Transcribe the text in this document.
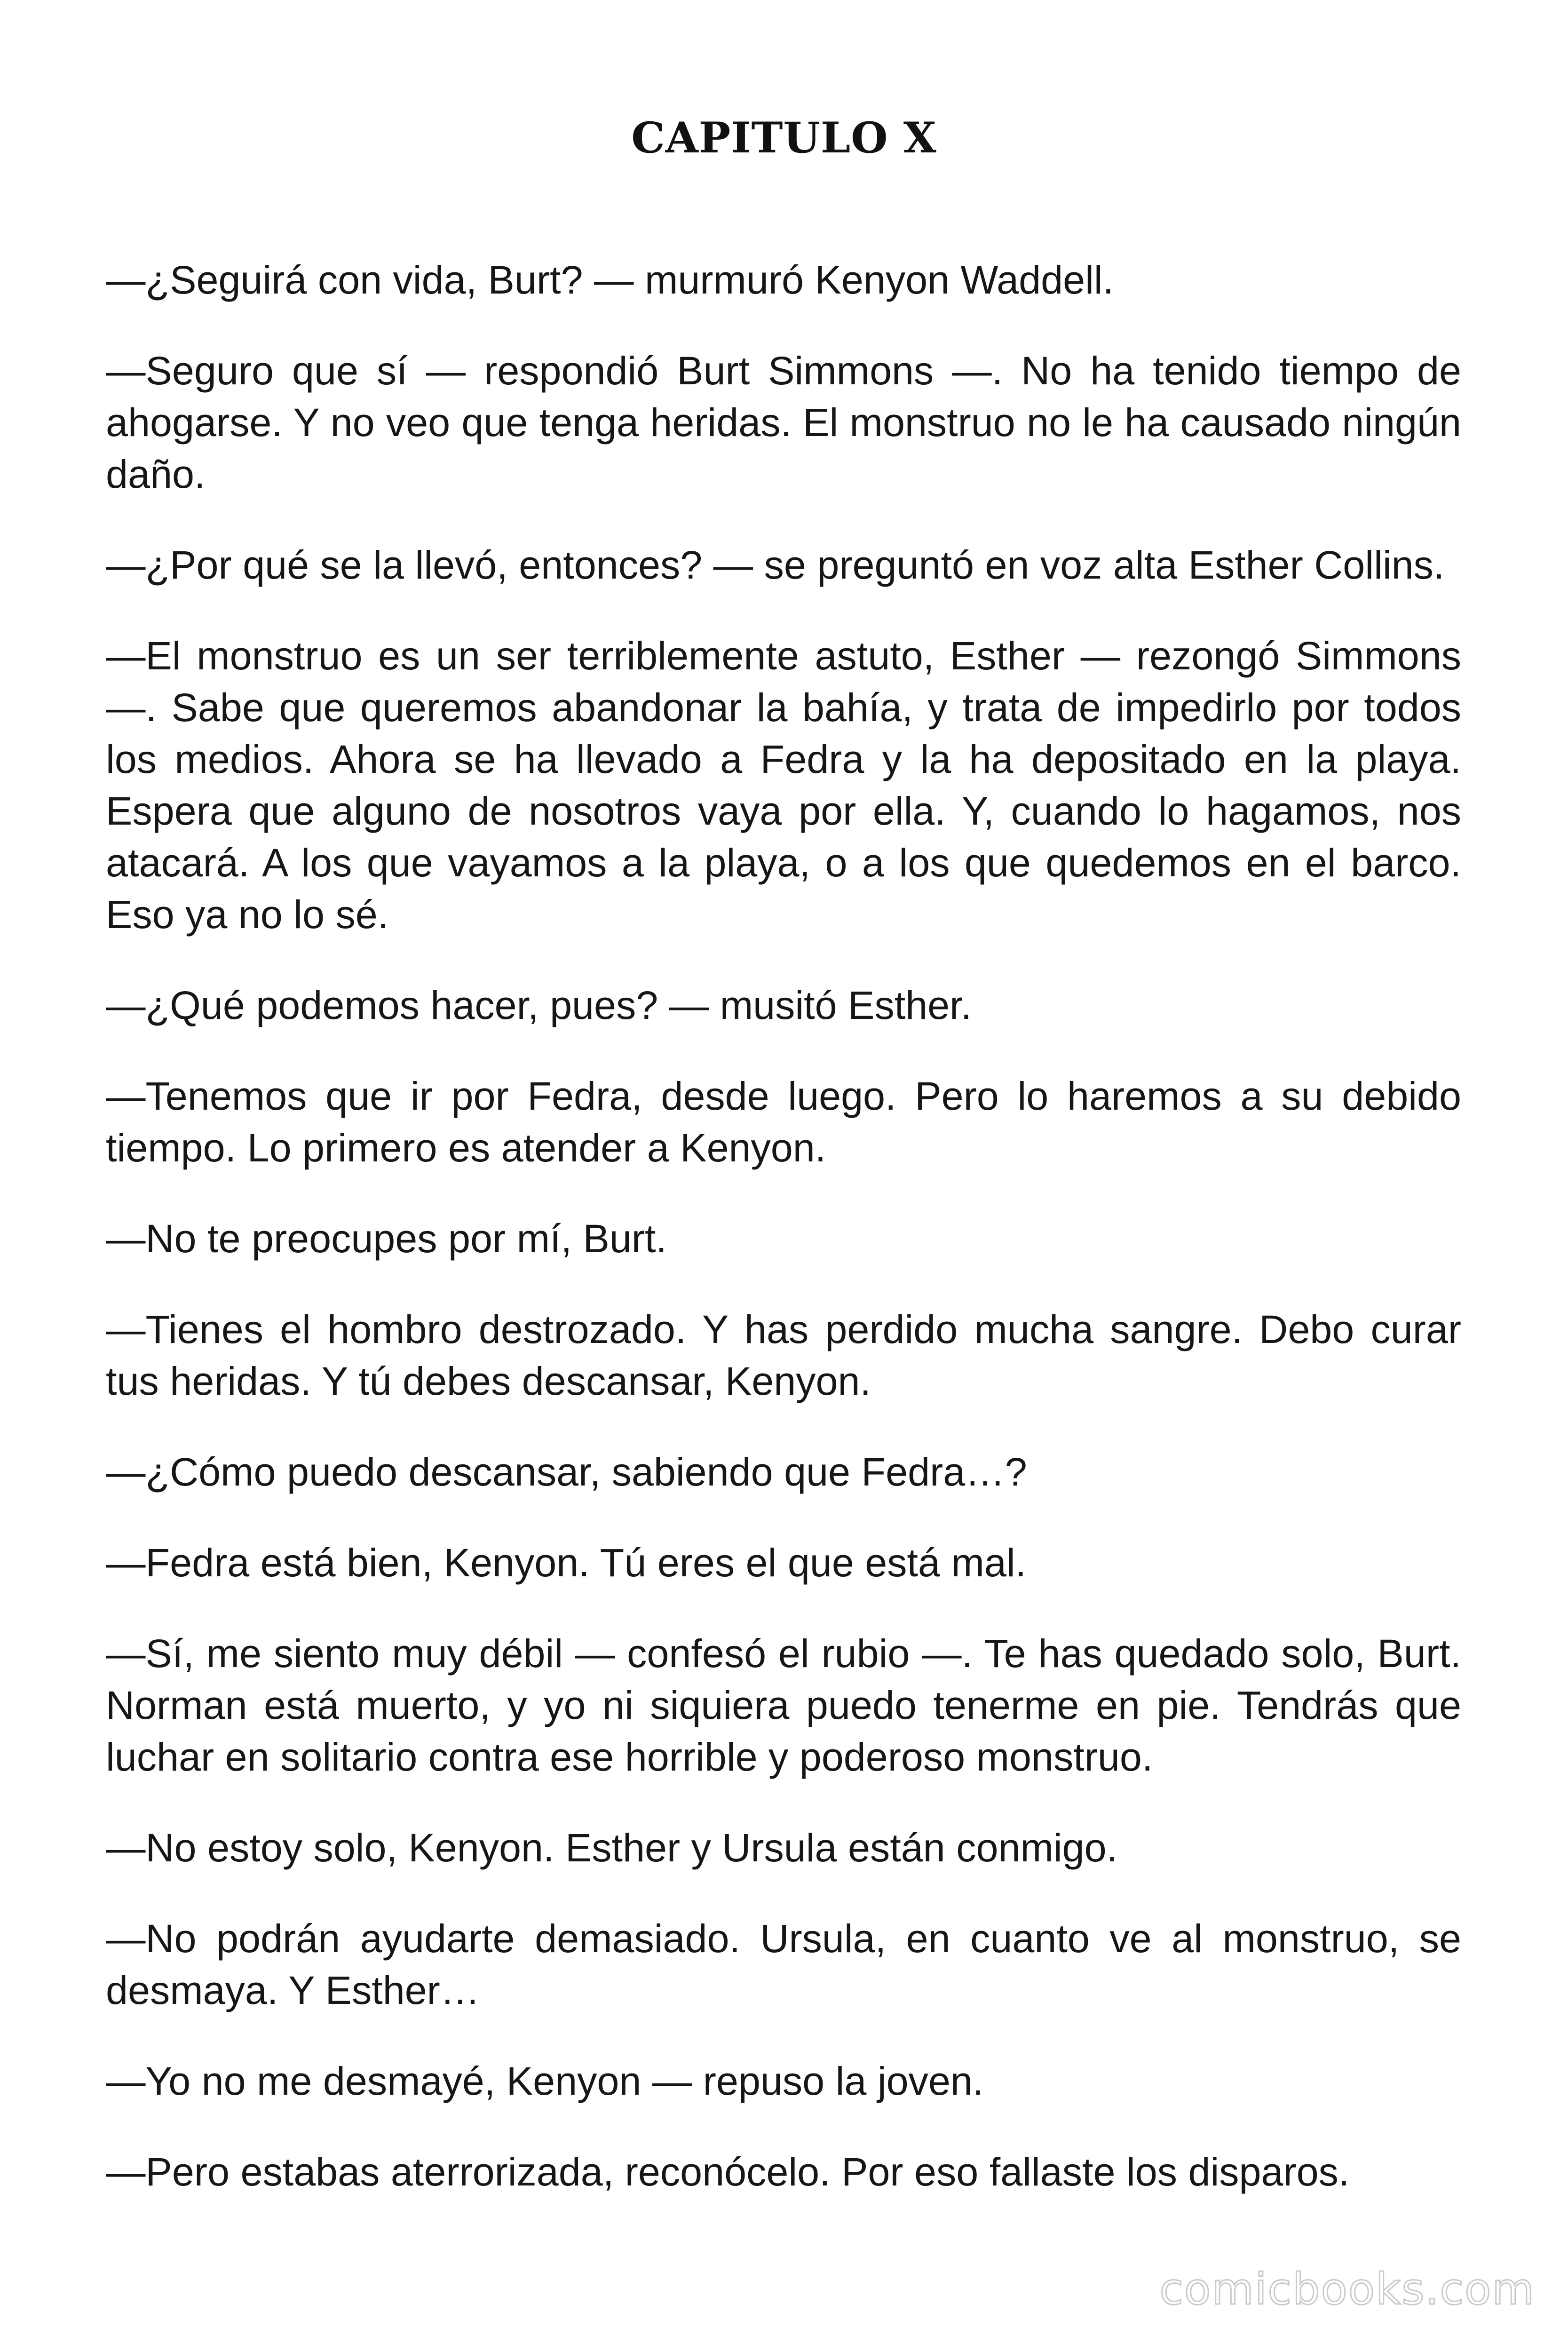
CAPITULO X

—¿Seguirá con vida, Burt? — murmuró Kenyon Waddell.

—Seguro que sí — respondió Burt Simmons —. No ha tenido tiempo de ahogarse. Y no veo que tenga heridas. El monstruo no le ha causado ningún daño.

—¿Por qué se la llevó, entonces? — se preguntó en voz alta Esther Collins.

—El monstruo es un ser terriblemente astuto, Esther — rezongó Simmons —. Sabe que queremos abandonar la bahía, y trata de impedirlo por todos los medios. Ahora se ha llevado a Fedra y la ha depositado en la playa. Espera que alguno de nosotros vaya por ella. Y, cuando lo hagamos, nos atacará. A los que vayamos a la playa, o a los que quedemos en el barco. Eso ya no lo sé.

—¿Qué podemos hacer, pues? — musitó Esther.

—Tenemos que ir por Fedra, desde luego. Pero lo haremos a su debido tiempo. Lo primero es atender a Kenyon.

—No te preocupes por mí, Burt.

—Tienes el hombro destrozado. Y has perdido mucha sangre. Debo curar tus heridas. Y tú debes descansar, Kenyon.

—¿Cómo puedo descansar, sabiendo que Fedra…?

—Fedra está bien, Kenyon. Tú eres el que está mal.

—Sí, me siento muy débil — confesó el rubio —. Te has quedado solo, Burt. Norman está muerto, y yo ni siquiera puedo tenerme en pie. Tendrás que luchar en solitario contra ese horrible y poderoso monstruo.

—No estoy solo, Kenyon. Esther y Ursula están conmigo.

—No podrán ayudarte demasiado. Ursula, en cuanto ve al monstruo, se desmaya. Y Esther…

—Yo no me desmayé, Kenyon — repuso la joven.

—Pero estabas aterrorizada, reconócelo. Por eso fallaste los disparos.

comicbooks.com
